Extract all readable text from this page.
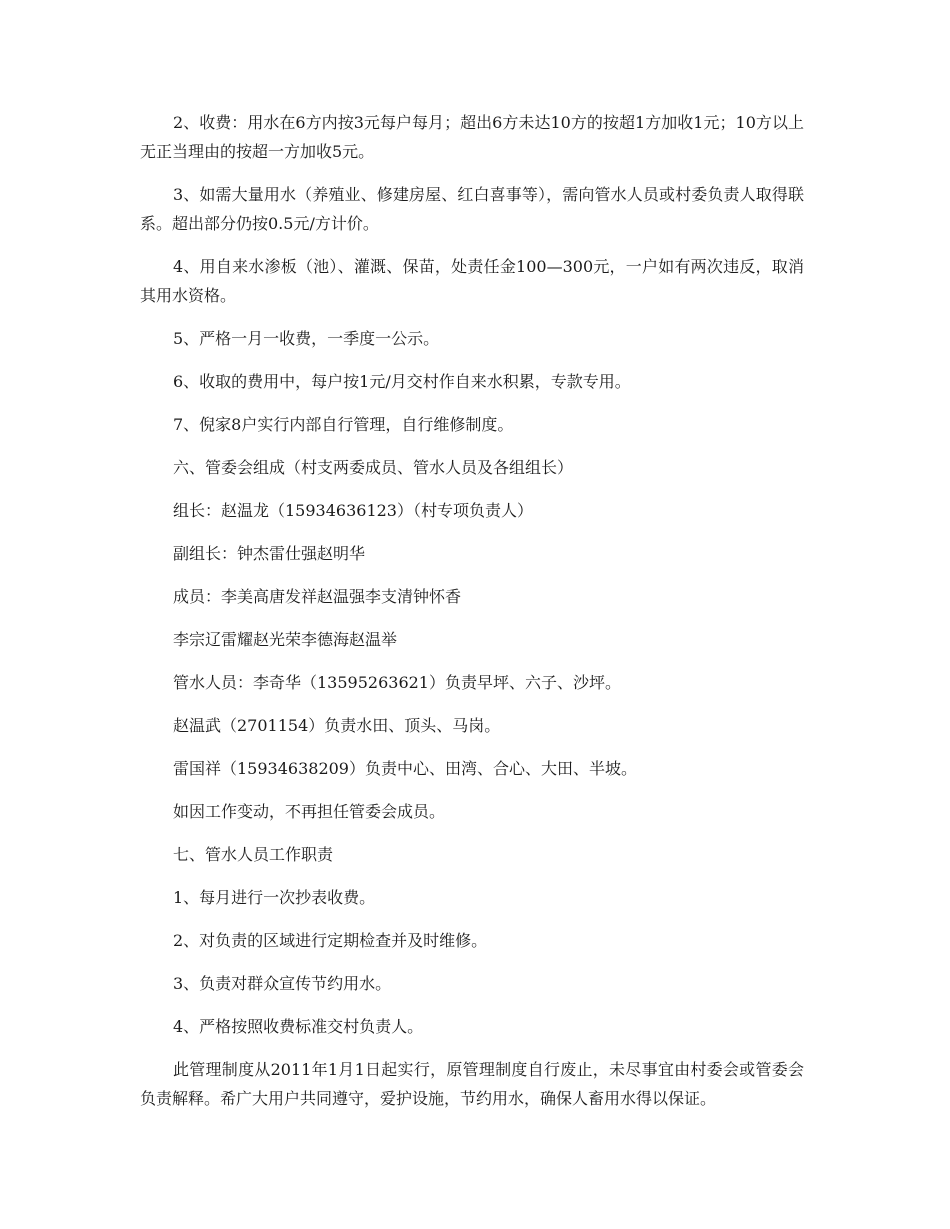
2、收费：用水在6方内按3元每户每月；超出6方未达10方的按超1方加收1元；10方以上无正当理由的按超一方加收5元。

3、如需大量用水（养殖业、修建房屋、红白喜事等），需向管水人员或村委负责人取得联系。超出部分仍按0.5元/方计价。

4、用自来水渗板（池）、灌溉、保苗，处责任金100—300元，一户如有两次违反，取消其用水资格。

5、严格一月一收费，一季度一公示。

6、收取的费用中，每户按1元/月交村作自来水积累，专款专用。

7、倪家8户实行内部自行管理，自行维修制度。

六、管委会组成（村支两委成员、管水人员及各组组长）

组长：赵温龙（15934636123）（村专项负责人）

副组长：钟杰雷仕强赵明华

成员：李美高唐发祥赵温强李支清钟怀香

李宗辽雷耀赵光荣李德海赵温举

管水人员：李奇华（13595263621）负责早坪、六子、沙坪。

赵温武（2701154）负责水田、顶头、马岗。

雷国祥（15934638209）负责中心、田湾、合心、大田、半坡。

如因工作变动，不再担任管委会成员。

七、管水人员工作职责

1、每月进行一次抄表收费。

2、对负责的区域进行定期检查并及时维修。

3、负责对群众宣传节约用水。

4、严格按照收费标准交村负责人。

此管理制度从2011年1月1日起实行，原管理制度自行废止，未尽事宜由村委会或管委会负责解释。希广大用户共同遵守，爱护设施，节约用水，确保人畜用水得以保证。
